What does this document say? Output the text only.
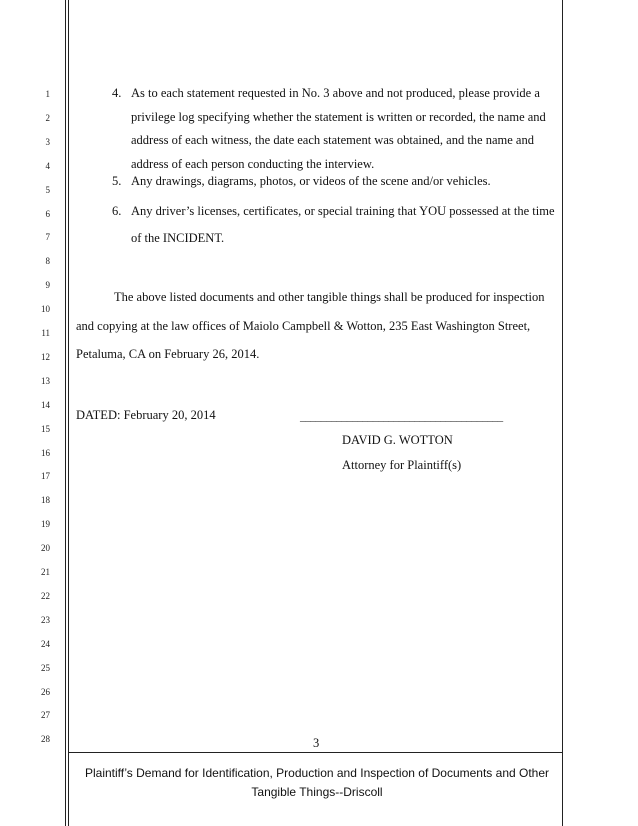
1
2
3
4
5
6
7
8
9
10
11
12
13
14
15
16
17
18
19
20
21
22
23
24
25
26
27
28
4. As to each statement requested in No. 3 above and not produced, please provide a
privilege log specifying whether the statement is written or recorded, the name and
address of each witness, the date each statement was obtained, and the name and
address of each person conducting the interview.
5. Any drawings, diagrams, photos, or videos of the scene and/or vehicles.
6. Any driver’s licenses, certificates, or special training that YOU possessed at the time
of the INCIDENT.
The above listed documents and other tangible things shall be produced for inspection
and copying at the law offices of Maiolo Campbell & Wotton, 235 East Washington Street,
Petaluma, CA on February 26, 2014.
DATED: February 20, 2014	_______________________________________
DAVID G. WOTTON
Attorney for Plaintiff(s)
3
Plaintiff’s Demand for Identification, Production and Inspection of Documents and Other
Tangible Things--Driscoll
